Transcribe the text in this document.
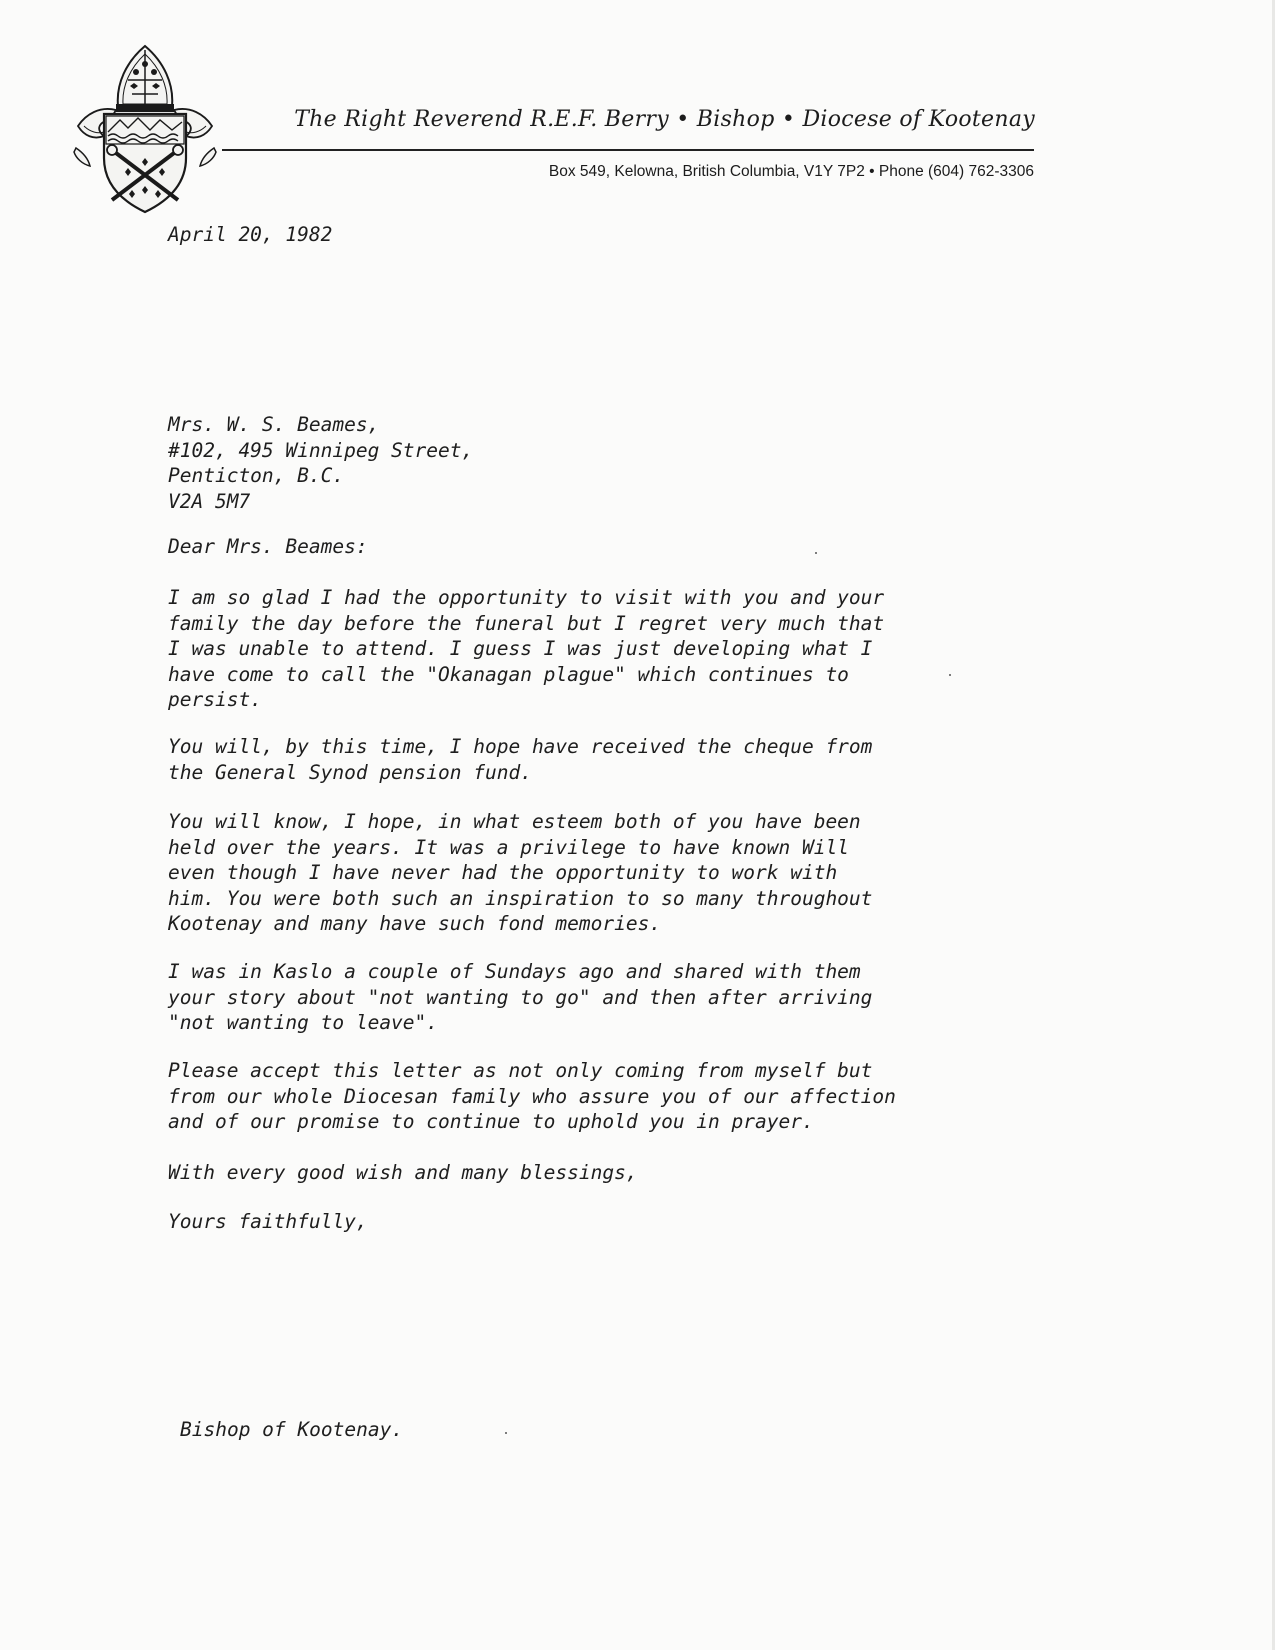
The Right Reverend R.E.F. Berry • Bishop • Diocese of Kootenay
Box 549, Kelowna, British Columbia, V1Y 7P2 • Phone (604) 762-3306
April 20, 1982
Mrs. W. S. Beames,
#102, 495 Winnipeg Street,
Penticton, B.C.
V2A 5M7
Dear Mrs. Beames:
I am so glad I had the opportunity to visit with you and your
family the day before the funeral but I regret very much that
I was unable to attend. I guess I was just developing what I
have come to call the "Okanagan plague" which continues to
persist.
You will, by this time, I hope have received the cheque from
the General Synod pension fund.
You will know, I hope, in what esteem both of you have been
held over the years. It was a privilege to have known Will
even though I have never had the opportunity to work with
him. You were both such an inspiration to so many throughout
Kootenay and many have such fond memories.
I was in Kaslo a couple of Sundays ago and shared with them
your story about "not wanting to go" and then after arriving
"not wanting to leave".
Please accept this letter as not only coming from myself but
from our whole Diocesan family who assure you of our affection
and of our promise to continue to uphold you in prayer.
With every good wish and many blessings,
Yours faithfully,
Bishop of Kootenay.
